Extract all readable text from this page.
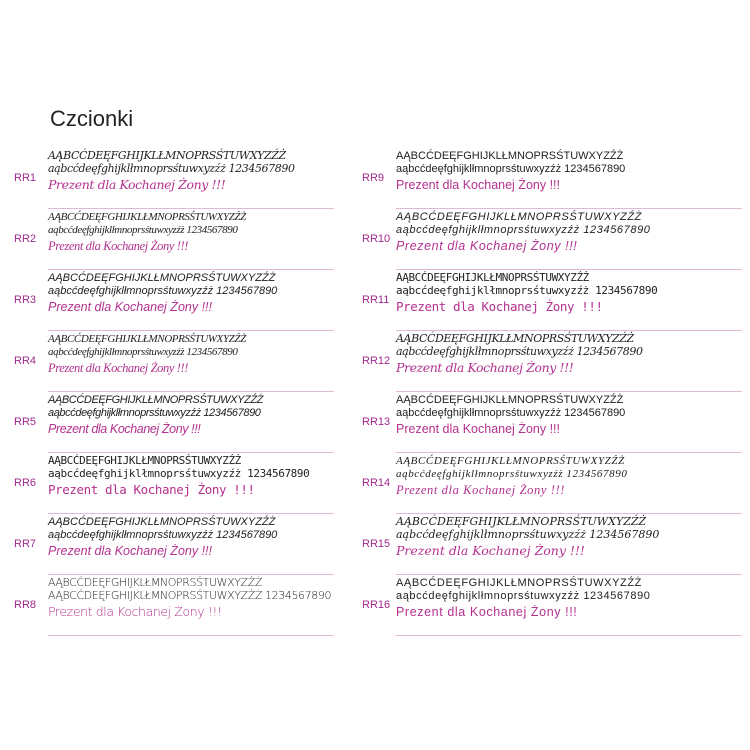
Czcionki
RR1
AĄBCĆDEĘFGHIJKLŁMNOPRSŚTUWXYZŹŻ
aąbcćdeęfghijklłmnoprsśtuwxyzźż 1234567890
Prezent dla Kochanej Żony !!!
RR2
AĄBCĆDEĘFGHIJKLŁMNOPRSŚTUWXYZŹŻ
aąbcćdeęfghijklłmnoprsśtuwxyzźż 1234567890
Prezent dla Kochanej Żony !!!
RR3
AĄBCĆDEĘFGHIJKLŁMNOPRSŚTUWXYZŹŻ
aąbcćdeęfghijklłmnoprsśtuwxyzźż 1234567890
Prezent dla Kochanej Żony !!!
RR4
AĄBCĆDEĘFGHIJKLŁMNOPRSŚTUWXYZŹŻ
aąbcćdeęfghijklłmnoprsśtuwxyzźż 1234567890
Prezent dla Kochanej Żony !!!
RR5
AĄBCĆDEĘFGHIJKLŁMNOPRSŚTUWXYZŹŻ
aąbcćdeęfghijklłmnoprsśtuwxyzźż 1234567890
Prezent dla Kochanej Żony !!!
RR6
AĄBCĆDEĘFGHIJKLŁMNOPRSŚTUWXYZŹŻ
aąbcćdeęfghijklłmnoprsśtuwxyzźż 1234567890
Prezent dla Kochanej Żony !!!
RR7
AĄBCĆDEĘFGHIJKLŁMNOPRSŚTUWXYZŹŻ
aąbcćdeęfghijklłmnoprsśtuwxyzźż 1234567890
Prezent dla Kochanej Żony !!!
RR8
AĄBCĆDEĘFGHIJKLŁMNOPRSŚTUWXYZŹŻ
AĄBCĆDEĘFGHIJKLŁMNOPRSŚTUWXYZŹŻ 1234567890
Prezent dla Kochanej Żony !!!
RR9
AĄBCĆDEĘFGHIJKLŁMNOPRSŚTUWXYZŹŻ
aąbcćdeęfghijklłmnoprsśtuwxyzźż 1234567890
Prezent dla Kochanej Żony !!!
RR10
AĄBCĆDEĘFGHIJKLŁMNOPRSŚTUWXYZŹŻ
aąbcćdeęfghijklłmnoprsśtuwxyzźż 1234567890
Prezent dla Kochanej Żony !!!
RR11
AĄBCĆDEĘFGHIJKLŁMNOPRSŚTUWXYZŹŻ
aąbcćdeęfghijklłmnoprsśtuwxyzźż 1234567890
Prezent dla Kochanej Żony !!!
RR12
AĄBCĆDEĘFGHIJKLŁMNOPRSŚTUWXYZŹŻ
aąbcćdeęfghijklłmnoprsśtuwxyzźż 1234567890
Prezent dla Kochanej Żony !!!
RR13
AĄBCĆDEĘFGHIJKLŁMNOPRSŚTUWXYZŹŻ
aąbcćdeęfghijklłmnoprsśtuwxyzźż 1234567890
Prezent dla Kochanej Żony !!!
RR14
AĄBCĆDEĘFGHIJKLŁMNOPRSŚTUWXYZŹŻ
aąbcćdeęfghijklłmnoprsśtuwxyzźż 1234567890
Prezent dla Kochanej Żony !!!
RR15
AĄBCĆDEĘFGHIJKLŁMNOPRSŚTUWXYZŹŻ
aąbcćdeęfghijklłmnoprsśtuwxyzźż 1234567890
Prezent dla Kochanej Żony !!!
RR16
AĄBCĆDEĘFGHIJKLŁMNOPRSŚTUWXYZŹŻ
aąbcćdeęfghijklłmnoprsśtuwxyzźż 1234567890
Prezent dla Kochanej Żony !!!
